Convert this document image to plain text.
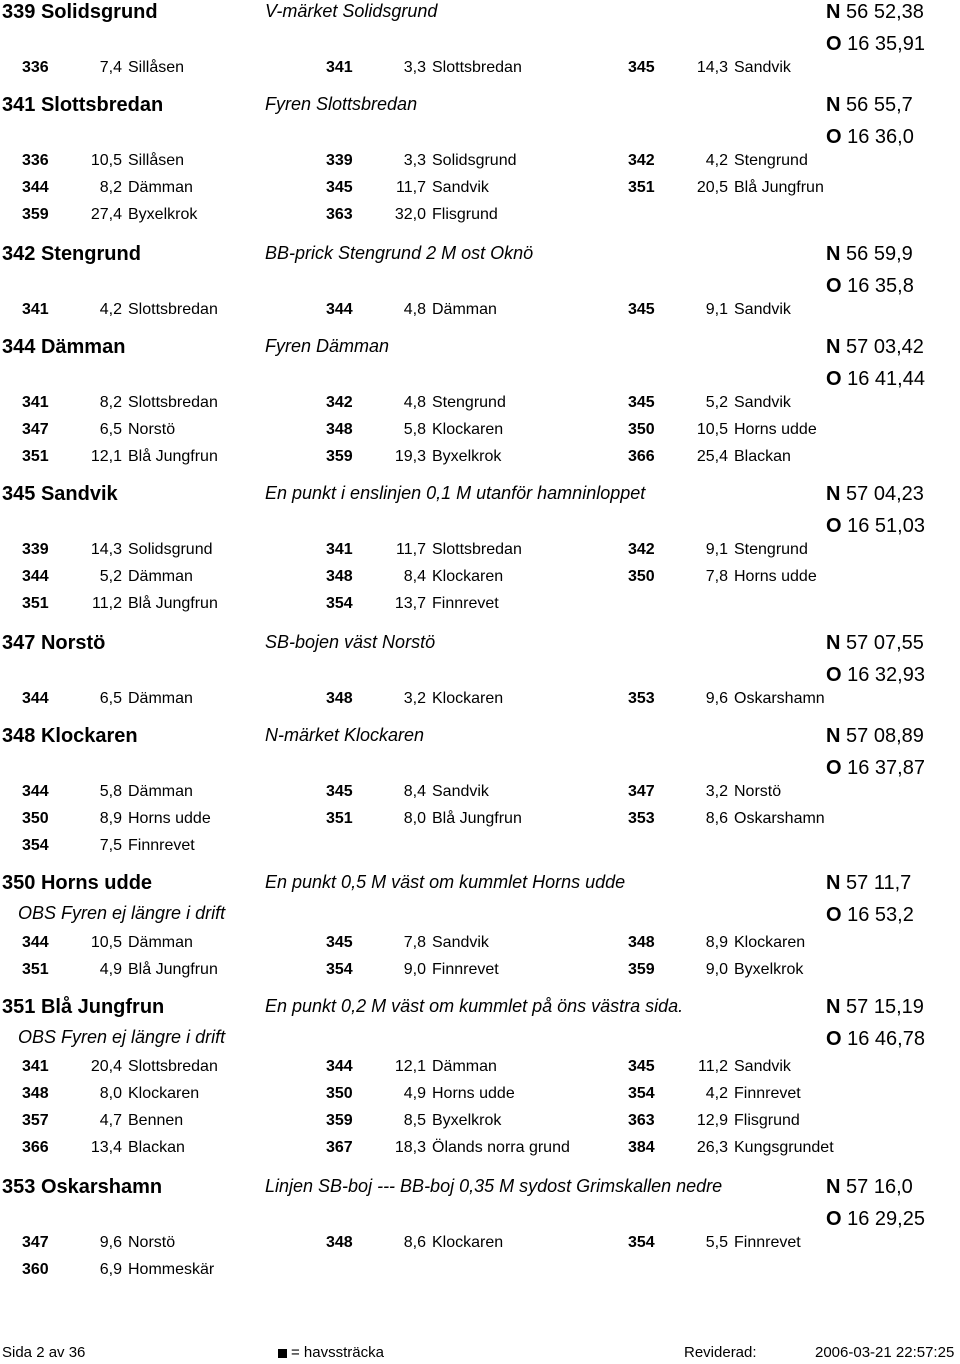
339 Solidsgrund	V-märket Solidsgrund	N 56 52,38
O 16 35,91
336	7,4 Sillåsen	341	3,3 Slottsbredan	345	14,3 Sandvik
341 Slottsbredan	Fyren Slottsbredan	N 56 55,7
O 16 36,0
336	10,5 Sillåsen	339	3,3 Solidsgrund	342	4,2 Stengrund
344	8,2 Dämman	345	11,7 Sandvik	351	20,5 Blå Jungfrun
359	27,4 Byxelkrok	363	32,0 Flisgrund
342 Stengrund	BB-prick Stengrund 2 M ost Oknö	N 56 59,9
O 16 35,8
341	4,2 Slottsbredan	344	4,8 Dämman	345	9,1 Sandvik
344 Dämman	Fyren Dämman	N 57 03,42
O 16 41,44
341	8,2 Slottsbredan	342	4,8 Stengrund	345	5,2 Sandvik
347	6,5 Norstö	348	5,8 Klockaren	350	10,5 Horns udde
351	12,1 Blå Jungfrun	359	19,3 Byxelkrok	366	25,4 Blackan
345 Sandvik	En punkt i enslinjen 0,1 M utanför hamninloppet	N 57 04,23
O 16 51,03
339	14,3 Solidsgrund	341	11,7 Slottsbredan	342	9,1 Stengrund
344	5,2 Dämman	348	8,4 Klockaren	350	7,8 Horns udde
351	11,2 Blå Jungfrun	354	13,7 Finnrevet
347 Norstö	SB-bojen väst Norstö	N 57 07,55
O 16 32,93
344	6,5 Dämman	348	3,2 Klockaren	353	9,6 Oskarshamn
348 Klockaren	N-märket Klockaren	N 57 08,89
O 16 37,87
344	5,8 Dämman	345	8,4 Sandvik	347	3,2 Norstö
350	8,9 Horns udde	351	8,0 Blå Jungfrun	353	8,6 Oskarshamn
354	7,5 Finnrevet
350 Horns udde	En punkt 0,5 M väst om kummlet Horns udde	N 57 11,7
O 16 53,2
OBS Fyren ej längre i drift
344	10,5 Dämman	345	7,8 Sandvik	348	8,9 Klockaren
351	4,9 Blå Jungfrun	354	9,0 Finnrevet	359	9,0 Byxelkrok
351 Blå Jungfrun	En punkt 0,2 M väst om kummlet på öns västra sida.	N 57 15,19
O 16 46,78
OBS Fyren ej längre i drift
341	20,4 Slottsbredan	344	12,1 Dämman	345	11,2 Sandvik
348	8,0 Klockaren	350	4,9 Horns udde	354	4,2 Finnrevet
357	4,7 Bennen	359	8,5 Byxelkrok	363	12,9 Flisgrund
366	13,4 Blackan	367	18,3 Ölands norra grund	384	26,3 Kungsgrundet
353 Oskarshamn	Linjen SB-boj --- BB-boj 0,35 M sydost Grimskallen nedre	N 57 16,0
O 16 29,25
347	9,6 Norstö	348	8,6 Klockaren	354	5,5 Finnrevet
360	6,9 Hommeskär
Sida 2 av 36	= havssträcka	Reviderad:	2006-03-21 22:57:25
